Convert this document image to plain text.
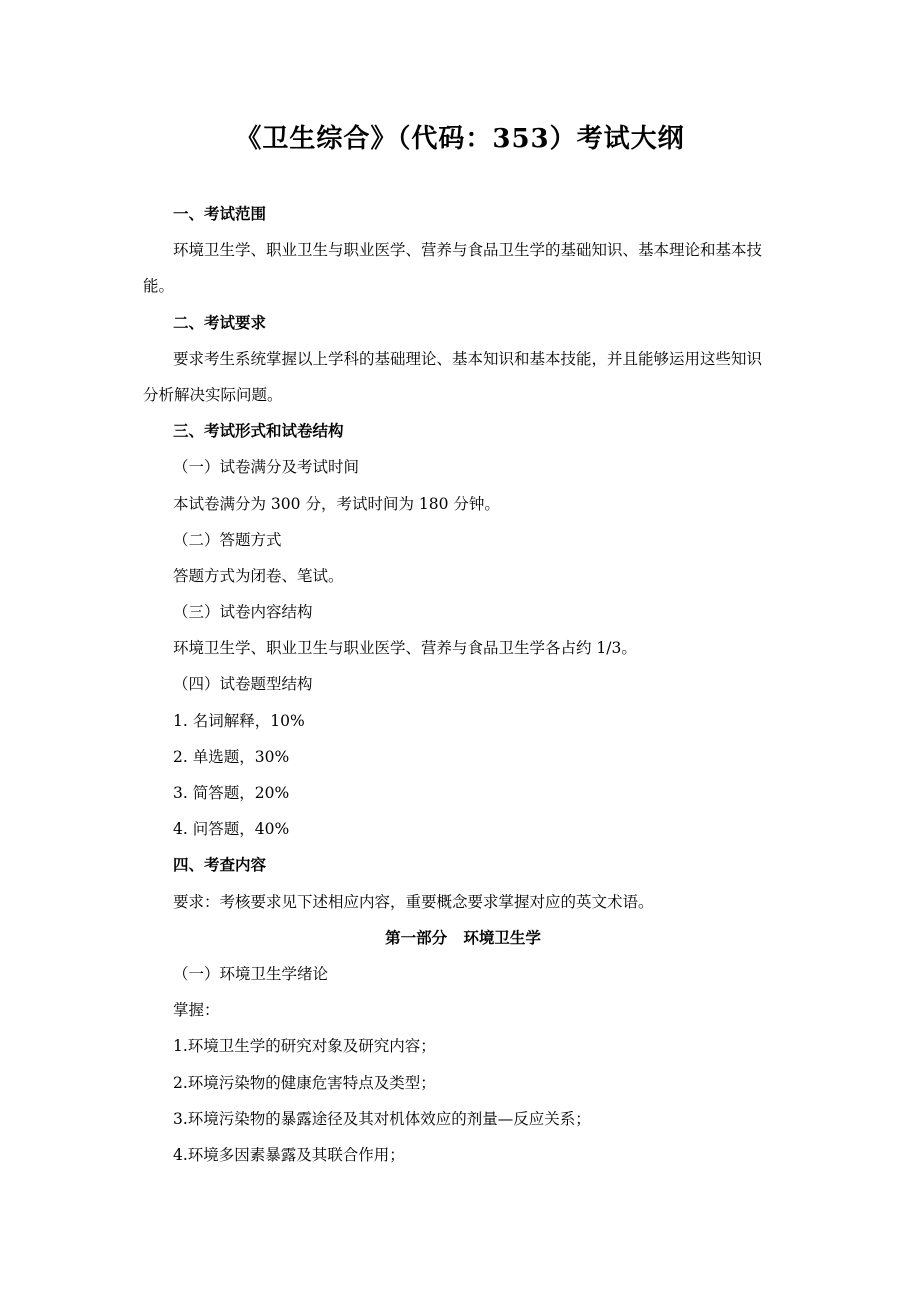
《卫生综合》（代码：353）考试大纲
一、考试范围
环境卫生学、职业卫生与职业医学、营养与食品卫生学的基础知识、基本理论和基本技
能。
二、考试要求
要求考生系统掌握以上学科的基础理论、基本知识和基本技能，并且能够运用这些知识
分析解决实际问题。
三、考试形式和试卷结构
（一）试卷满分及考试时间
本试卷满分为 300 分，考试时间为 180 分钟。
（二）答题方式
答题方式为闭卷、笔试。
（三）试卷内容结构
环境卫生学、职业卫生与职业医学、营养与食品卫生学各占约 1/3。
（四）试卷题型结构
1. 名词解释，10%
2. 单选题，30%
3. 简答题，20%
4. 问答题，40%
四、考查内容
要求：考核要求见下述相应内容，重要概念要求掌握对应的英文术语。
第一部分   环境卫生学
（一）环境卫生学绪论
掌握：
1.环境卫生学的研究对象及研究内容；
2.环境污染物的健康危害特点及类型；
3.环境污染物的暴露途径及其对机体效应的剂量—反应关系；
4.环境多因素暴露及其联合作用；
